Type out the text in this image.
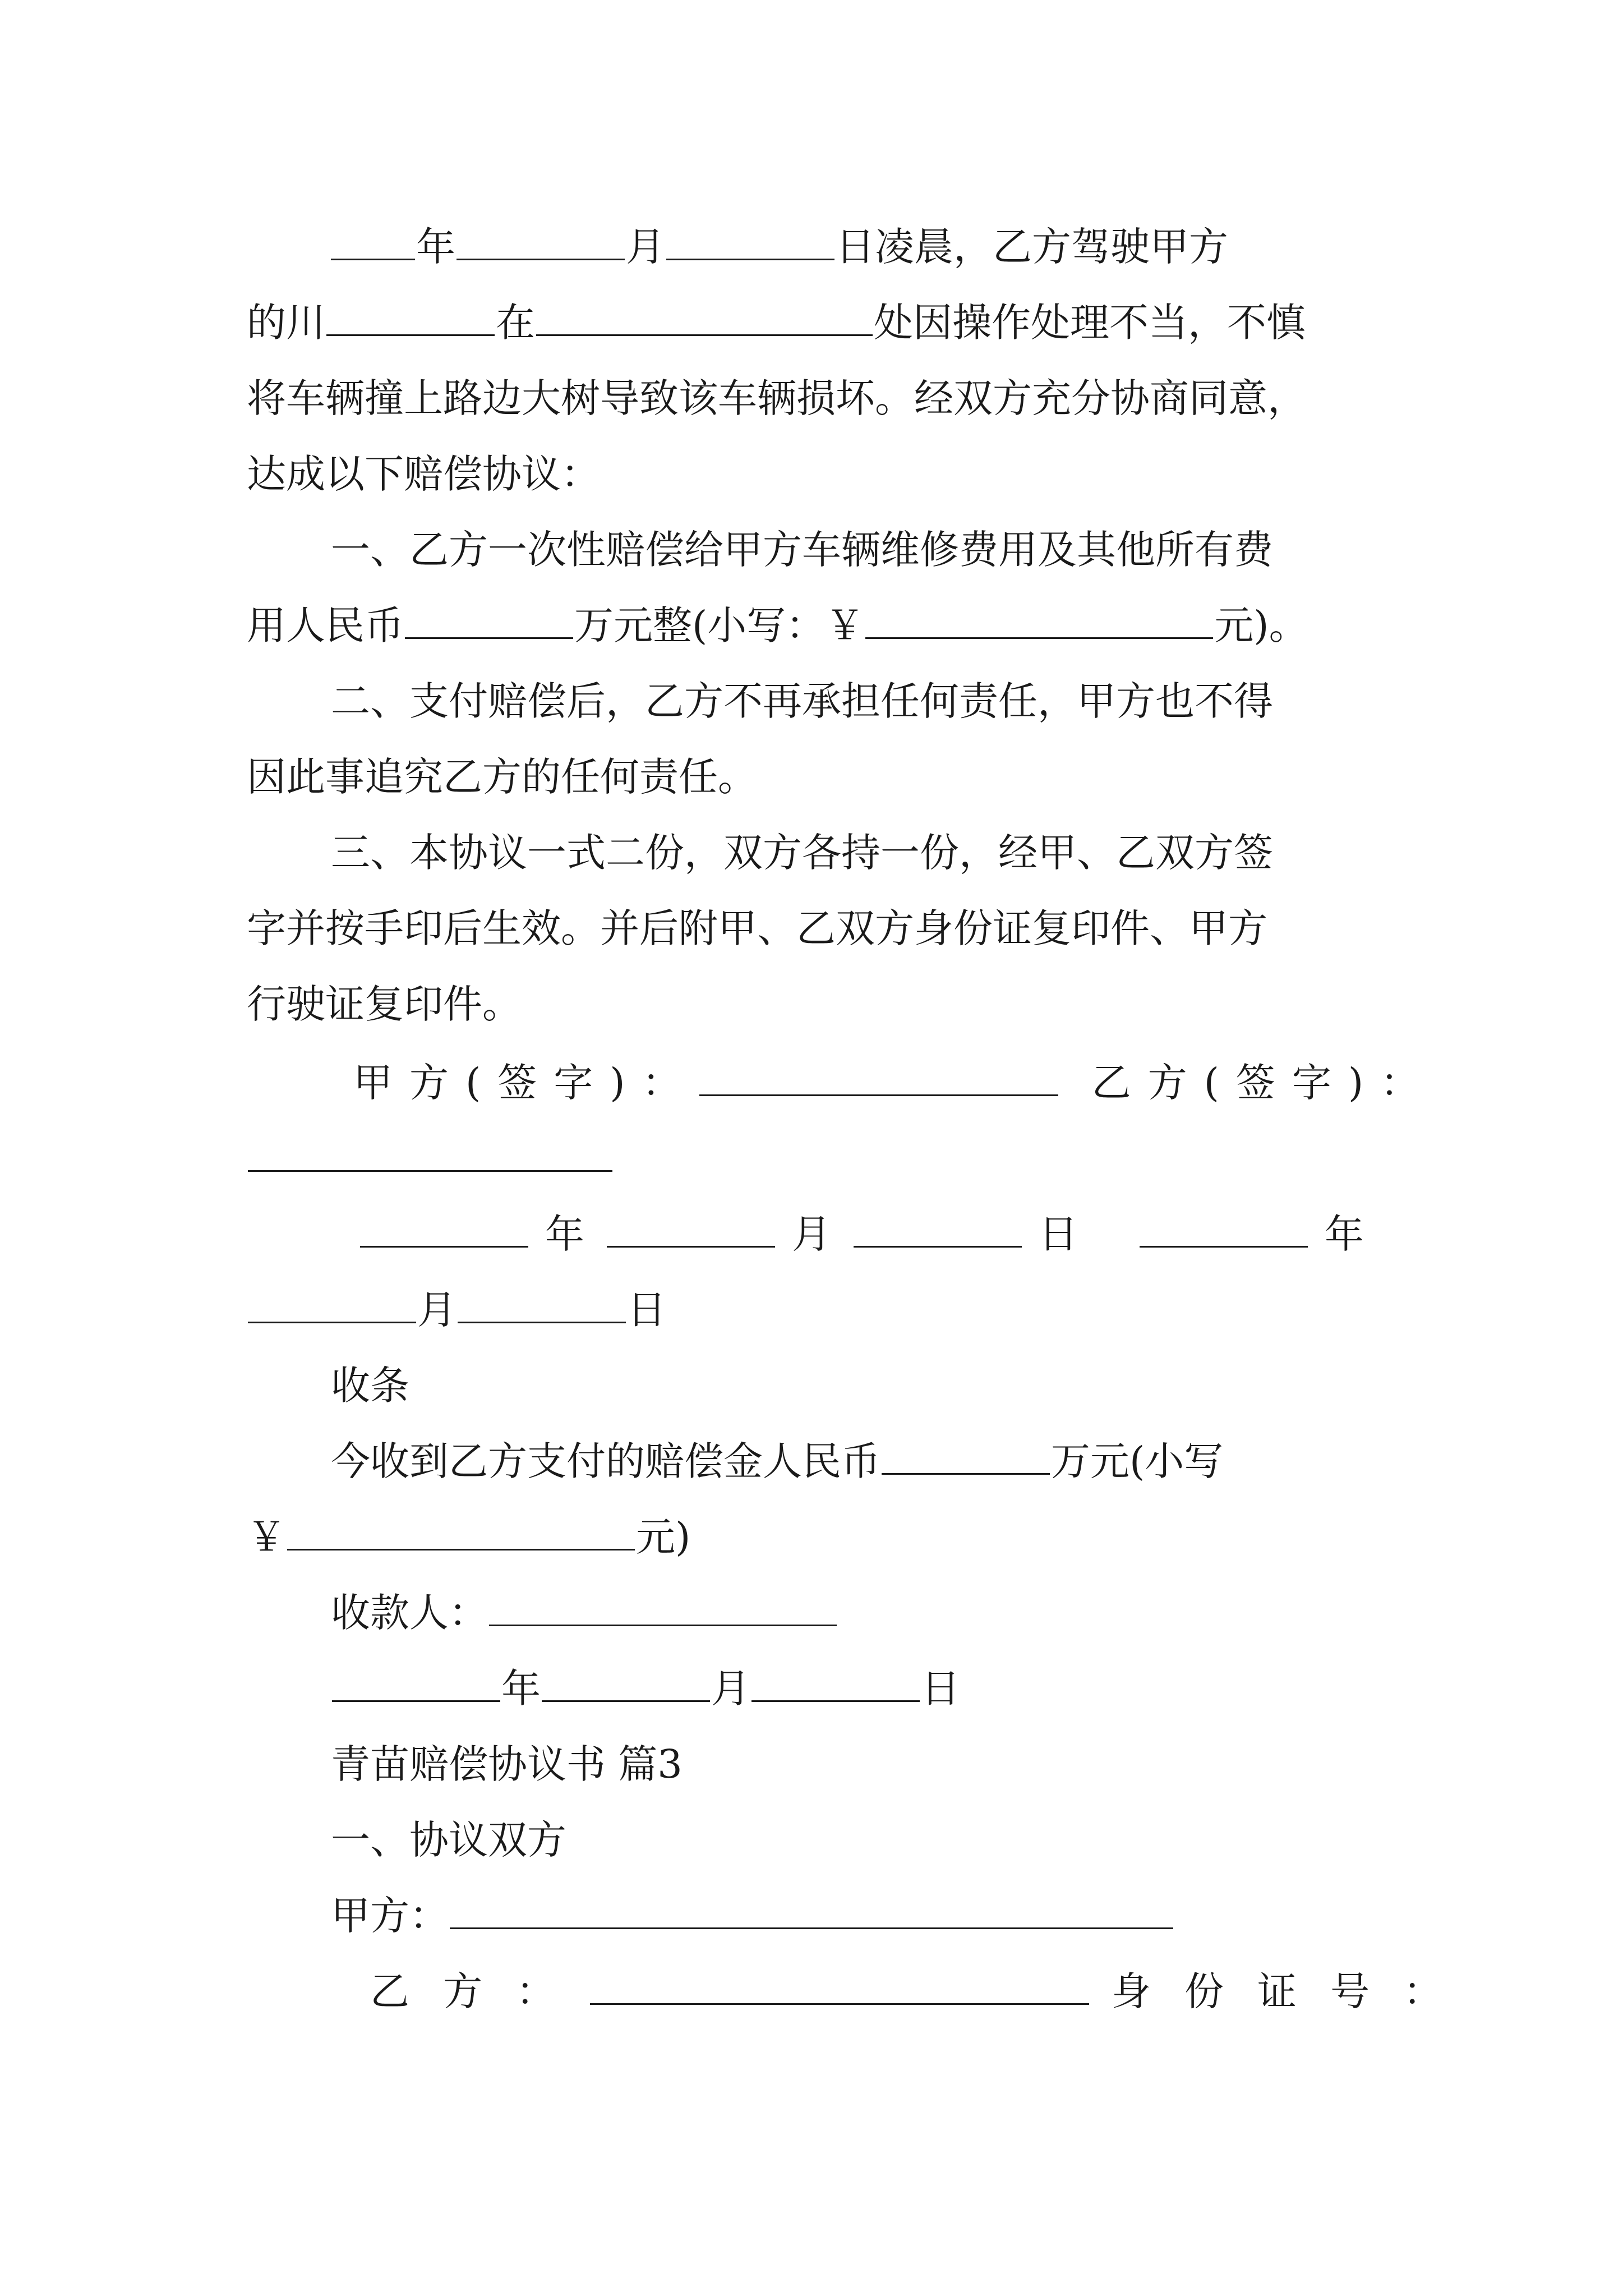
年	月	日凌晨，乙方驾驶甲方
的川	在	处因操作处理不当，不慎
将车辆撞上路边大树导致该车辆损坏。经双方充分协商同意，
达成以下赔偿协议：
一、乙方一次性赔偿给甲方车辆维修费用及其他所有费
用人民币	万元整(小写：￥	元)。
二、支付赔偿后，乙方不再承担任何责任，甲方也不得
因此事追究乙方的任何责任。
三、本协议一式二份，双方各持一份，经甲、乙双方签
字并按手印后生效。并后附甲、乙双方身份证复印件、甲方
行驶证复印件。
甲方(签字)：	乙方(签字)：
年	月	日	年
月	日
收条
今收到乙方支付的赔偿金人民币	万元(小写
￥	元)
收款人：
年	月	日
青苗赔偿协议书 篇3
一、协议双方
甲方：
乙方：	身份证号：
